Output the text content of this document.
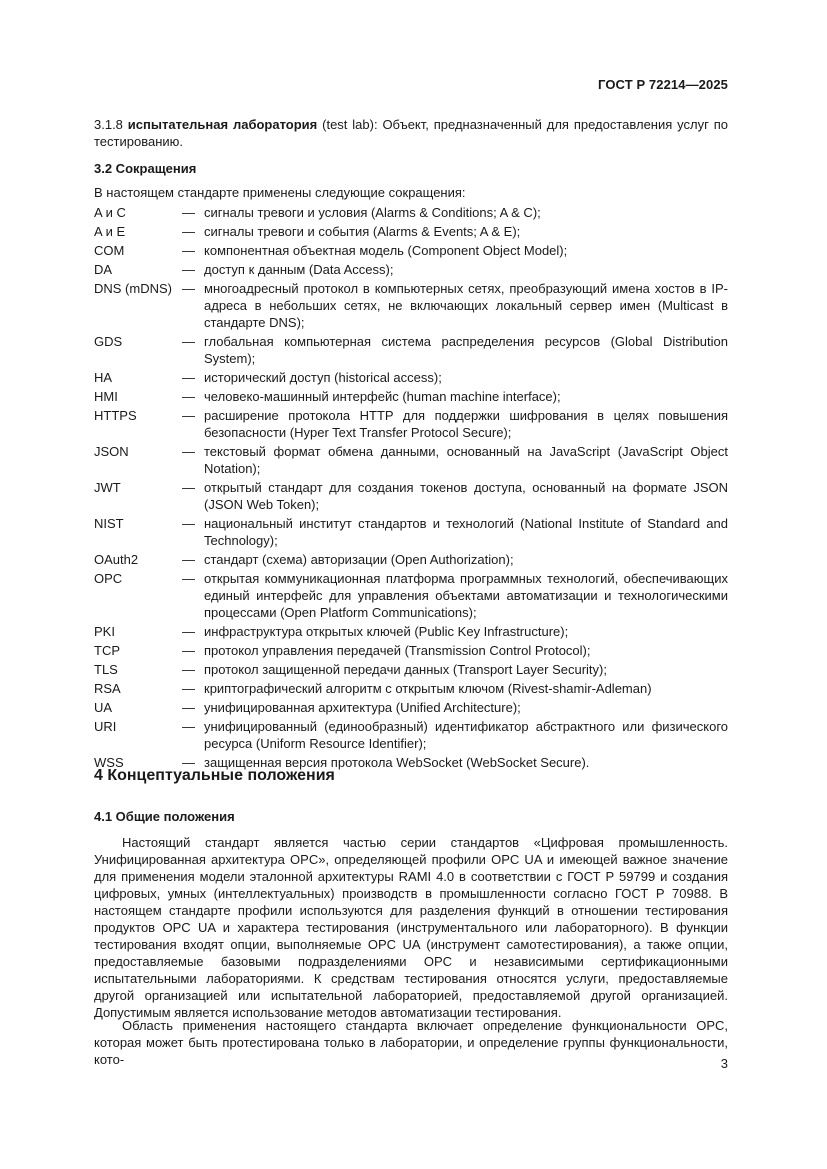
ГОСТ Р 72214—2025
3.1.8 испытательная лаборатория (test lab): Объект, предназначенный для предоставления услуг по тестированию.
3.2 Сокращения
В настоящем стандарте применены следующие сокращения:
A и C	— сигналы тревоги и условия (Alarms & Conditions; A & C);
A и E	— сигналы тревоги и события (Alarms & Events; A & E);
COM	— компонентная объектная модель (Component Object Model);
DA	— доступ к данным (Data Access);
DNS (mDNS) — многоадресный протокол в компьютерных сетях, преобразующий имена хостов в IP-адреса в небольших сетях, не включающих локальный сервер имен (Multicast в стандарте DNS);
GDS	— глобальная компьютерная система распределения ресурсов (Global Distribution System);
HA	— исторический доступ (historical access);
HMI	— человеко-машинный интерфейс (human machine interface);
HTTPS	— расширение протокола HTTP для поддержки шифрования в целях повышения безопасности (Hyper Text Transfer Protocol Secure);
JSON	— текстовый формат обмена данными, основанный на JavaScript (JavaScript Object Notation);
JWT	— открытый стандарт для создания токенов доступа, основанный на формате JSON (JSON Web Token);
NIST	— национальный институт стандартов и технологий (National Institute of Standard and Technology);
OAuth2	— стандарт (схема) авторизации (Open Authorization);
OPC	— открытая коммуникационная платформа программных технологий, обеспечивающих единый интерфейс для управления объектами автоматизации и технологическими процессами (Open Platform Communications);
PKI	— инфраструктура открытых ключей (Public Key Infrastructure);
TCP	— протокол управления передачей (Transmission Control Protocol);
TLS	— протокол защищенной передачи данных (Transport Layer Security);
RSA	— криптографический алгоритм с открытым ключом (Rivest-shamir-Adleman)
UA	— унифицированная архитектура (Unified Architecture);
URI	— унифицированный (единообразный) идентификатор абстрактного или физического ресурса (Uniform Resource Identifier);
WSS	— защищенная версия протокола WebSocket (WebSocket Secure).
4 Концептуальные положения
4.1 Общие положения
Настоящий стандарт является частью серии стандартов «Цифровая промышленность. Унифицированная архитектура OPC», определяющей профили OPC UA и имеющей важное значение для применения модели эталонной архитектуры RAMI 4.0 в соответствии с ГОСТ Р 59799 и создания цифровых, умных (интеллектуальных) производств в промышленности согласно ГОСТ Р 70988. В настоящем стандарте профили используются для разделения функций в отношении тестирования продуктов OPC UA и характера тестирования (инструментального или лабораторного). В функции тестирования входят опции, выполняемые OPC UA (инструмент самотестирования), а также опции, предоставляемые базовыми подразделениями OPC и независимыми сертификационными испытательными лабораториями. К средствам тестирования относятся услуги, предоставляемые другой организацией или испытательной лабораторией, предоставляемой другой организацией. Допустимым является использование методов автоматизации тестирования.
Область применения настоящего стандарта включает определение функциональности OPC, которая может быть протестирована только в лаборатории, и определение группы функциональности, кото-	3
